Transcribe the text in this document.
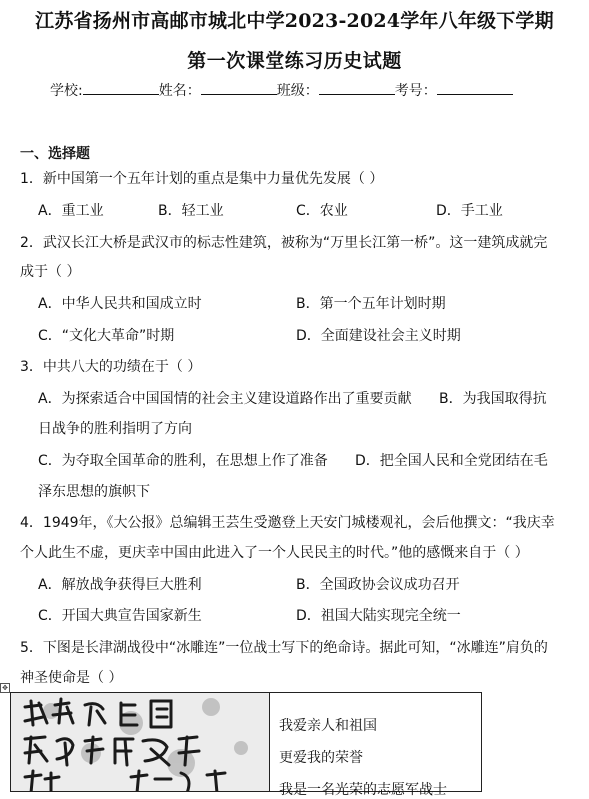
江苏省扬州市高邮市城北中学2023-2024学年八年级下学期
第一次课堂练习历史试题
学校:	姓名：	班级：	考号：
一、选择题
1．新中国第一个五年计划的重点是集中力量优先发展（ ）
A．重工业	B．轻工业	C．农业	D．手工业
2．武汉长江大桥是武汉市的标志性建筑，被称为“万里长江第一桥”。这一建筑成就完
成于（ ）
A．中华人民共和国成立时	B．第一个五年计划时期
C．“文化大革命”时期	D．全面建设社会主义时期
3．中共八大的功绩在于（ ）
A．为探索适合中国国情的社会主义建设道路作出了重要贡献 B．为我国取得抗
日战争的胜利指明了方向
C．为夺取全国革命的胜利，在思想上作了准备 D．把全国人民和全党团结在毛
泽东思想的旗帜下
4．1949年，《大公报》总编辑王芸生受邀登上天安门城楼观礼，会后他撰文：“我庆幸
个人此生不虚，更庆幸中国由此进入了一个人民民主的时代。”他的感慨来自于（ ）
A．解放战争获得巨大胜利	B．全国政协会议成功召开
C．开国大典宣告国家新生	D．祖国大陆实现完全统一
5．下图是长津湖战役中“冰雕连”一位战士写下的绝命诗。据此可知，“冰雕连”肩负的
神圣使命是（ ）
✥
我爱亲人和祖国
更爱我的荣誉
我是一名光荣的志愿军战士
